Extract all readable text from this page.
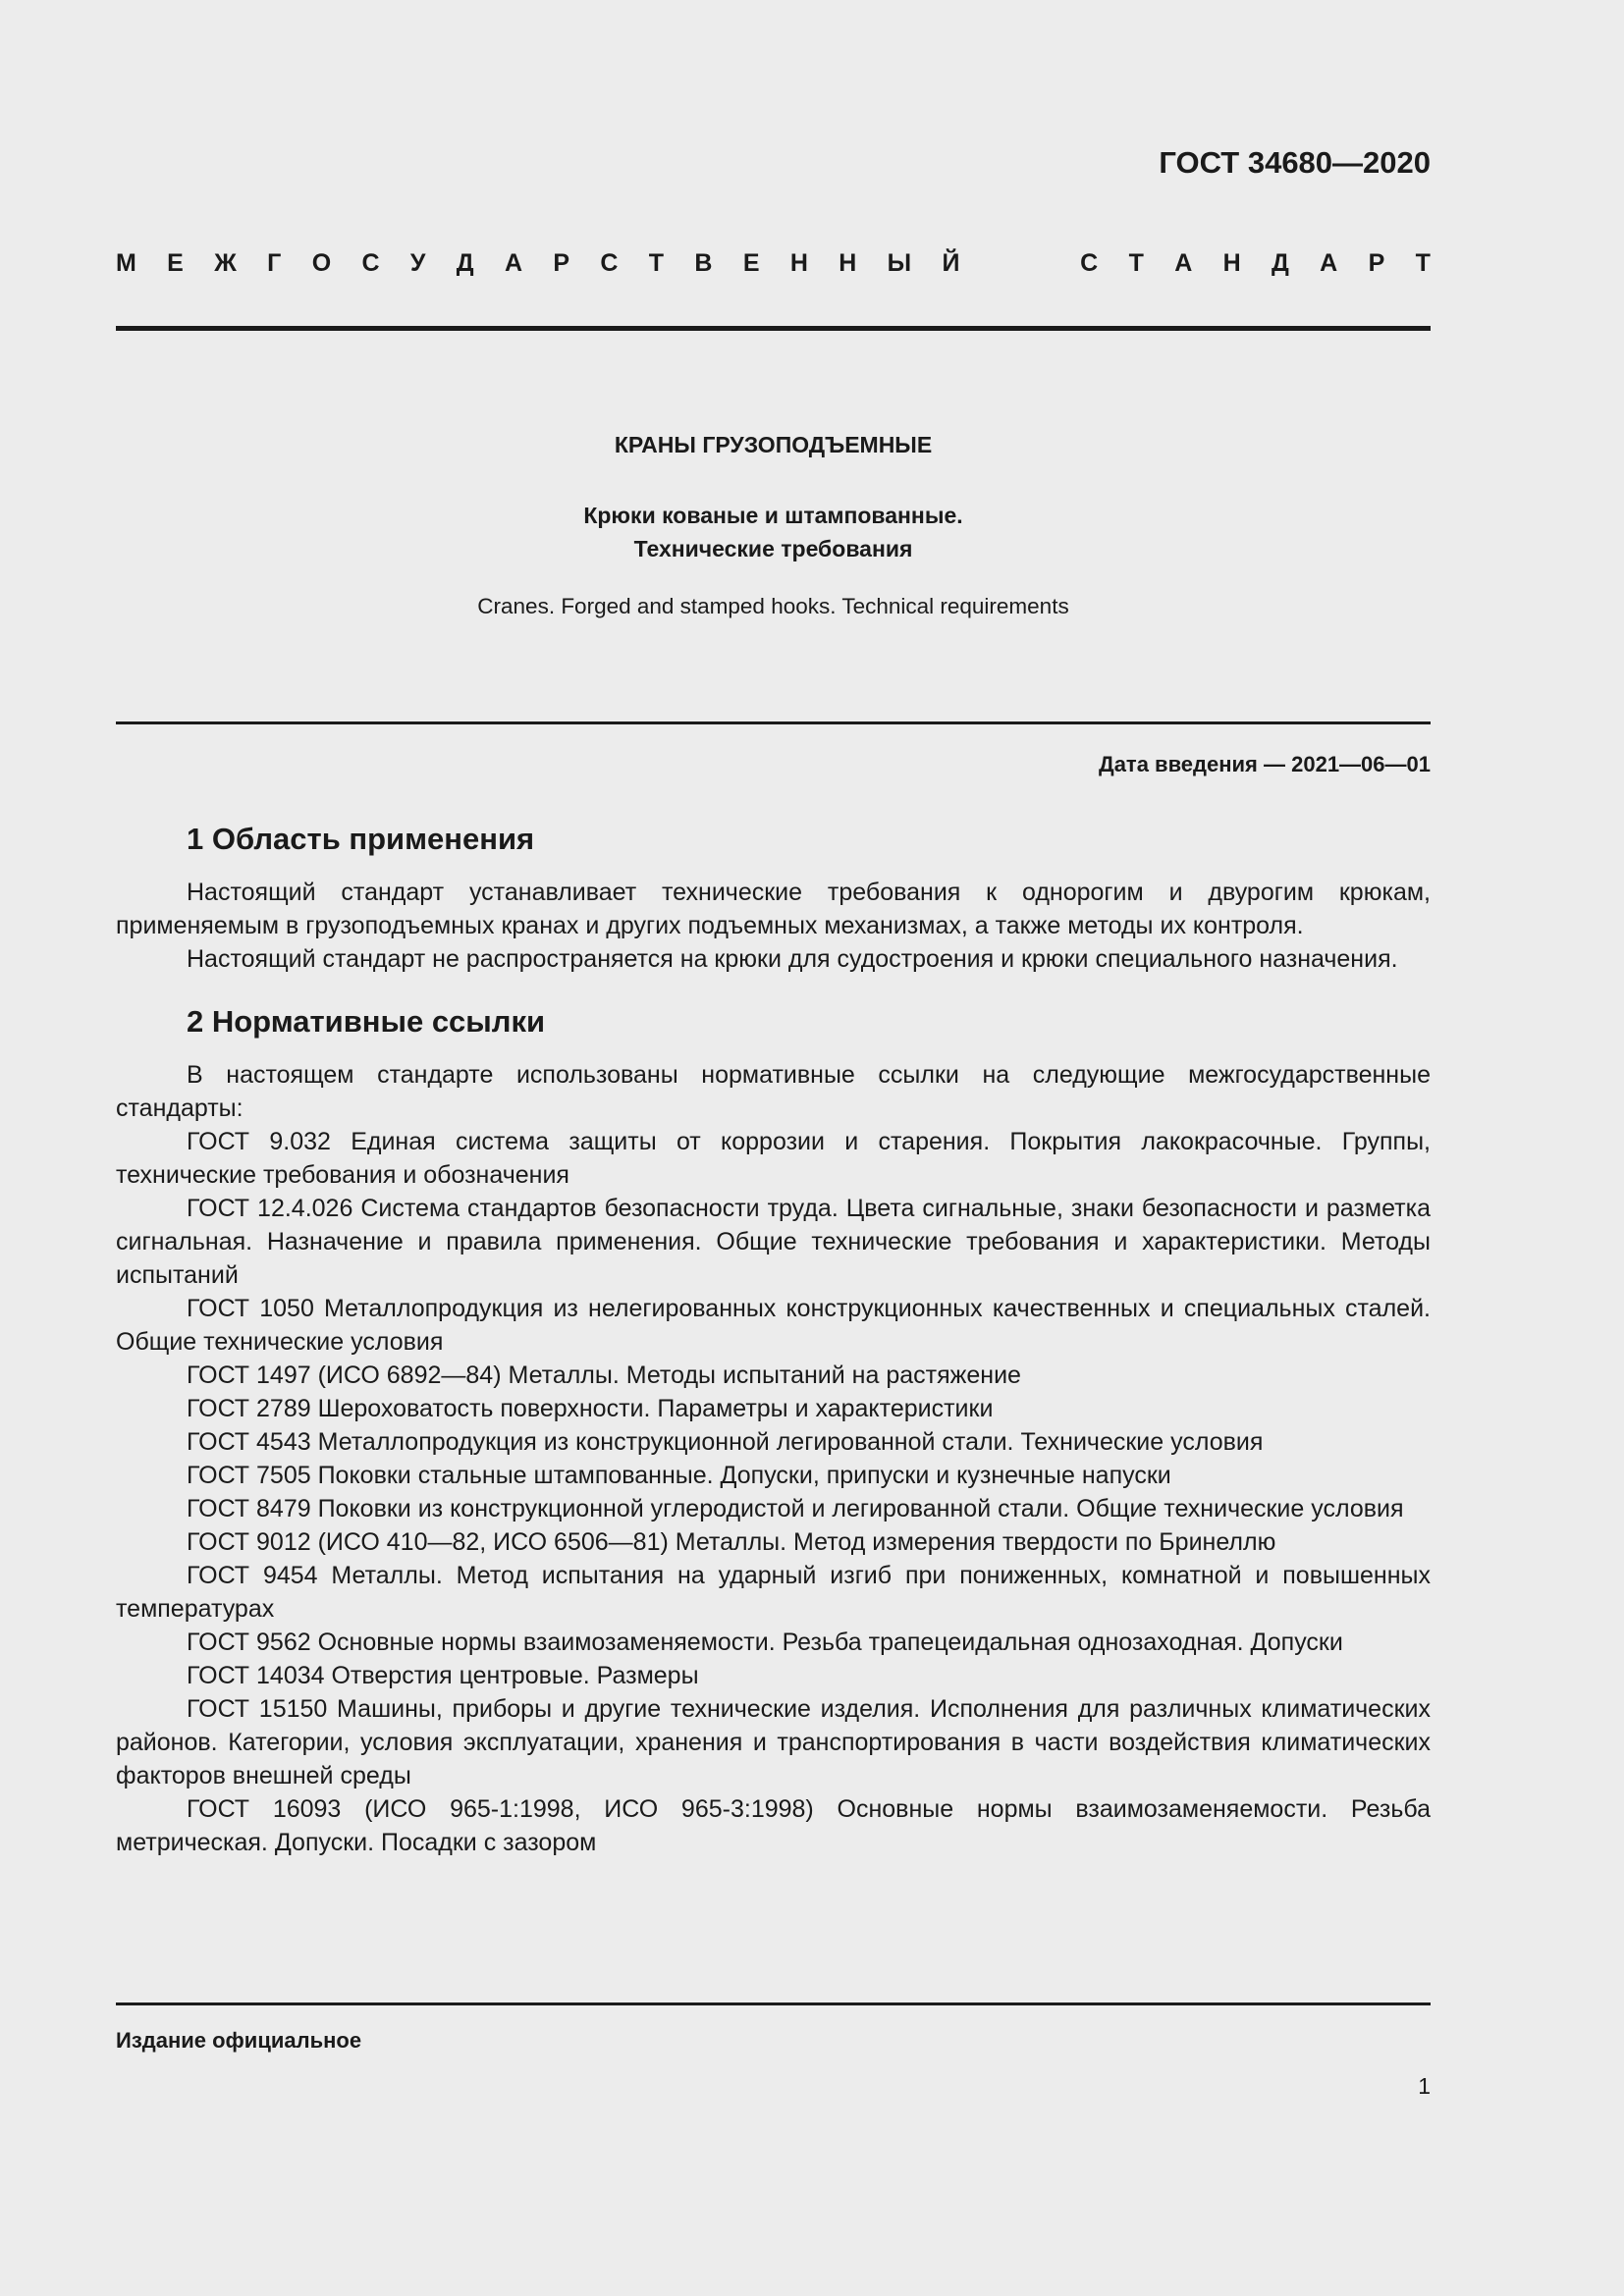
ГОСТ 34680—2020
М Е Ж Г О С У Д А Р С Т В Е Н Н Ы Й	С Т А Н Д А Р Т
КРАНЫ ГРУЗОПОДЪЕМНЫЕ
Крюки кованые и штампованные.
Технические требования
Cranes. Forged and stamped hooks. Technical requirements
Дата введения — 2021—06—01
1 Область применения

Настоящий стандарт устанавливает технические требования к однорогим и двурогим крюкам, применяемым в грузоподъемных кранах и других подъемных механизмах, а также методы их контроля.

Настоящий стандарт не распространяется на крюки для судостроения и крюки специального назначения.

2 Нормативные ссылки

В настоящем стандарте использованы нормативные ссылки на следующие межгосударственные стандарты:

ГОСТ 9.032 Единая система защиты от коррозии и старения. Покрытия лакокрасочные. Группы, технические требования и обозначения

ГОСТ 12.4.026 Система стандартов безопасности труда. Цвета сигнальные, знаки безопасности и разметка сигнальная. Назначение и правила применения. Общие технические требования и характеристики. Методы испытаний

ГОСТ 1050 Металлопродукция из нелегированных конструкционных качественных и специальных сталей. Общие технические условия

ГОСТ 1497 (ИСО 6892—84) Металлы. Методы испытаний на растяжение

ГОСТ 2789 Шероховатость поверхности. Параметры и характеристики

ГОСТ 4543 Металлопродукция из конструкционной легированной стали. Технические условия

ГОСТ 7505 Поковки стальные штампованные. Допуски, припуски и кузнечные напуски

ГОСТ 8479 Поковки из конструкционной углеродистой и легированной стали. Общие технические условия

ГОСТ 9012 (ИСО 410—82, ИСО 6506—81) Металлы. Метод измерения твердости по Бринеллю

ГОСТ 9454 Металлы. Метод испытания на ударный изгиб при пониженных, комнатной и повышенных температурах

ГОСТ 9562 Основные нормы взаимозаменяемости. Резьба трапецеидальная однозаходная. Допуски

ГОСТ 14034 Отверстия центровые. Размеры

ГОСТ 15150 Машины, приборы и другие технические изделия. Исполнения для различных климатических районов. Категории, условия эксплуатации, хранения и транспортирования в части воздействия климатических факторов внешней среды

ГОСТ 16093 (ИСО 965-1:1998, ИСО 965-3:1998) Основные нормы взаимозаменяемости. Резьба метрическая. Допуски. Посадки с зазором

Издание официальное
1
